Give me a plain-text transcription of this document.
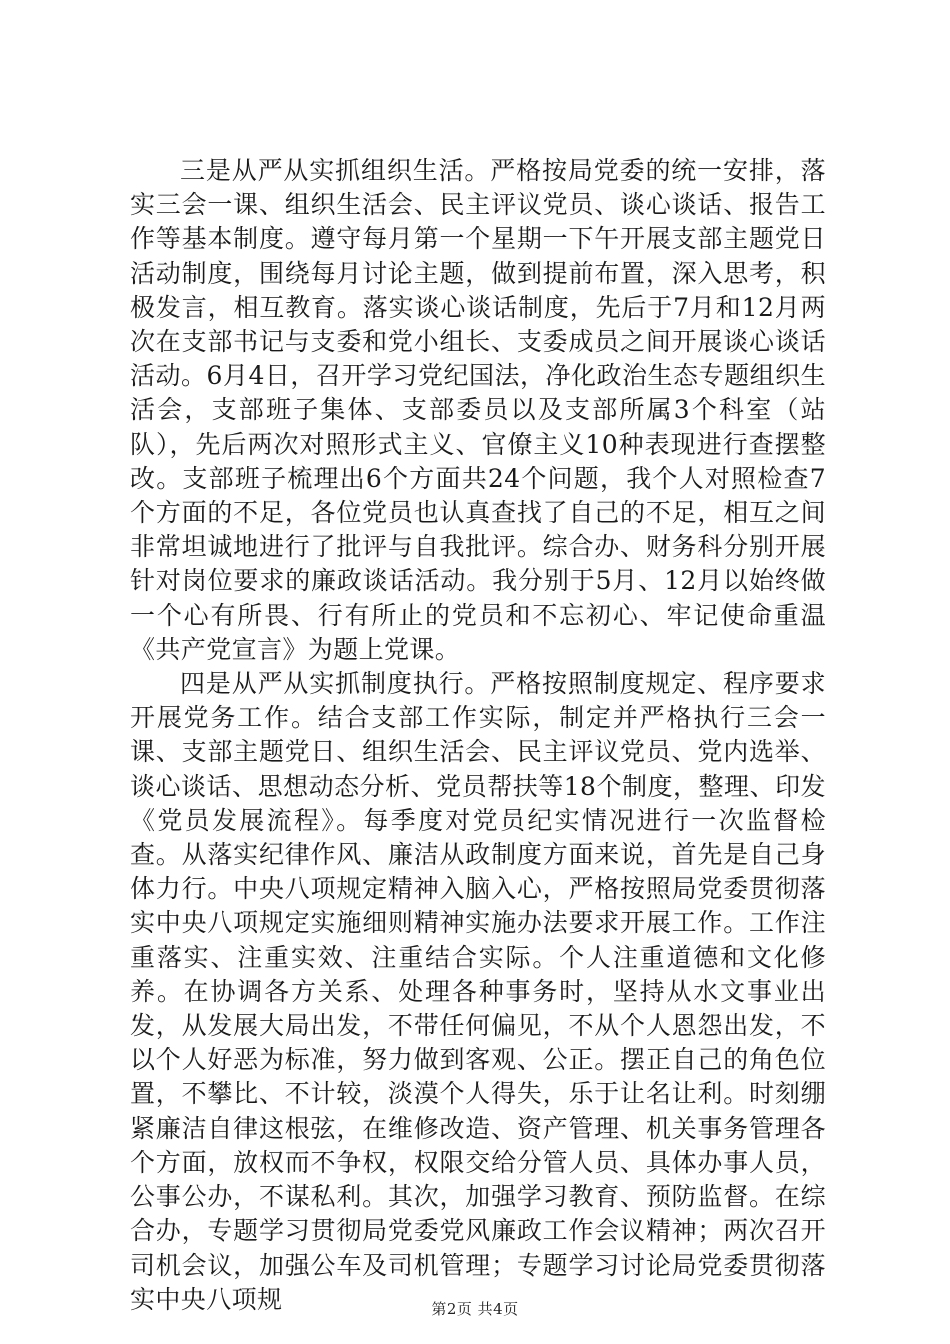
三是从严从实抓组织生活。严格按局党委的统一安排，落实三会一课、组织生活会、民主评议党员、谈心谈话、报告工作等基本制度。遵守每月第一个星期一下午开展支部主题党日活动制度，围绕每月讨论主题，做到提前布置，深入思考，积极发言，相互教育。落实谈心谈话制度，先后于7月和12月两次在支部书记与支委和党小组长、支委成员之间开展谈心谈话活动。6月4日，召开学习党纪国法，净化政治生态专题组织生活会，支部班子集体、支部委员以及支部所属3个科室（站队），先后两次对照形式主义、官僚主义10种表现进行查摆整改。支部班子梳理出6个方面共24个问题，我个人对照检查7个方面的不足，各位党员也认真查找了自己的不足，相互之间非常坦诚地进行了批评与自我批评。综合办、财务科分别开展针对岗位要求的廉政谈话活动。我分别于5月、12月以始终做一个心有所畏、行有所止的党员和不忘初心、牢记使命重温《共产党宣言》为题上党课。

四是从严从实抓制度执行。严格按照制度规定、程序要求开展党务工作。结合支部工作实际，制定并严格执行三会一课、支部主题党日、组织生活会、民主评议党员、党内选举、谈心谈话、思想动态分析、党员帮扶等18个制度，整理、印发《党员发展流程》。每季度对党员纪实情况进行一次监督检查。从落实纪律作风、廉洁从政制度方面来说，首先是自己身体力行。中央八项规定精神入脑入心，严格按照局党委贯彻落实中央八项规定实施细则精神实施办法要求开展工作。工作注重落实、注重实效、注重结合实际。个人注重道德和文化修养。在协调各方关系、处理各种事务时，坚持从水文事业出发，从发展大局出发，不带任何偏见，不从个人恩怨出发，不以个人好恶为标准，努力做到客观、公正。摆正自己的角色位置，不攀比、不计较，淡漠个人得失，乐于让名让利。时刻绷紧廉洁自律这根弦，在维修改造、资产管理、机关事务管理各个方面，放权而不争权，权限交给分管人员、具体办事人员，公事公办，不谋私利。其次，加强学习教育、预防监督。在综合办，专题学习贯彻局党委党风廉政工作会议精神；两次召开司机会议，加强公车及司机管理；专题学习讨论局党委贯彻落实中央八项规	第2页 共4页
